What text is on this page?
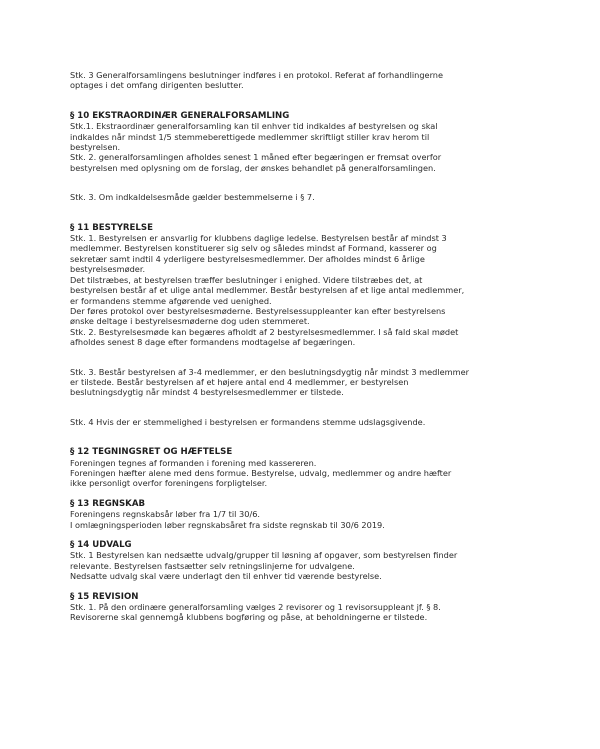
Stk. 3 Generalforsamlingens beslutninger indføres i en protokol. Referat af forhandlingerne
optages i det omfang dirigenten beslutter.

§ 10 EKSTRAORDINÆR GENERALFORSAMLING

Stk.1. Ekstraordinær generalforsamling kan til enhver tid indkaldes af bestyrelsen og skal
indkaldes når mindst 1/5 stemmeberettigede medlemmer skriftligt stiller krav herom til
bestyrelsen.
Stk. 2. generalforsamlingen afholdes senest 1 måned efter begæringen er fremsat overfor
bestyrelsen med oplysning om de forslag, der ønskes behandlet på generalforsamlingen.

Stk. 3. Om indkaldelsesmåde gælder bestemmelserne i § 7.

§ 11 BESTYRELSE

Stk. 1. Bestyrelsen er ansvarlig for klubbens daglige ledelse. Bestyrelsen består af mindst 3
medlemmer. Bestyrelsen konstituerer sig selv og således mindst af Formand, kasserer og
sekretær samt indtil 4 yderligere bestyrelsesmedlemmer. Der afholdes mindst 6 årlige
bestyrelsesmøder.
Det tilstræbes, at bestyrelsen træffer beslutninger i enighed. Videre tilstræbes det, at
bestyrelsen består af et ulige antal medlemmer. Består bestyrelsen af et lige antal medlemmer,
er formandens stemme afgørende ved uenighed.
Der føres protokol over bestyrelsesmøderne. Bestyrelsessuppleanter kan efter bestyrelsens
ønske deltage i bestyrelsesmøderne dog uden stemmeret.
Stk. 2. Bestyrelsesmøde kan begæres afholdt af 2 bestyrelsesmedlemmer. I så fald skal mødet
afholdes senest 8 dage efter formandens modtagelse af begæringen.

Stk. 3. Består bestyrelsen af 3-4 medlemmer, er den beslutningsdygtig når mindst 3 medlemmer
er tilstede. Består bestyrelsen af et højere antal end 4 medlemmer, er bestyrelsen
beslutningsdygtig når mindst 4 bestyrelsesmedlemmer er tilstede.

Stk. 4 Hvis der er stemmelighed i bestyrelsen er formandens stemme udslagsgivende.

§ 12 TEGNINGSRET OG HÆFTELSE

Foreningen tegnes af formanden i forening med kassereren.
Foreningen hæfter alene med dens formue. Bestyrelse, udvalg, medlemmer og andre hæfter
ikke personligt overfor foreningens forpligtelser.

§ 13 REGNSKAB

Foreningens regnskabsår løber fra 1/7 til 30/6.
I omlægningsperioden løber regnskabsåret fra sidste regnskab til 30/6 2019.

§ 14 UDVALG

Stk. 1 Bestyrelsen kan nedsætte udvalg/grupper til løsning af opgaver, som bestyrelsen finder
relevante. Bestyrelsen fastsætter selv retningslinjerne for udvalgene.
Nedsatte udvalg skal være underlagt den til enhver tid værende bestyrelse.

§ 15 REVISION

Stk. 1. På den ordinære generalforsamling vælges 2 revisorer og 1 revisorsuppleant jf. § 8.
Revisorerne skal gennemgå klubbens bogføring og påse, at beholdningerne er tilstede.
